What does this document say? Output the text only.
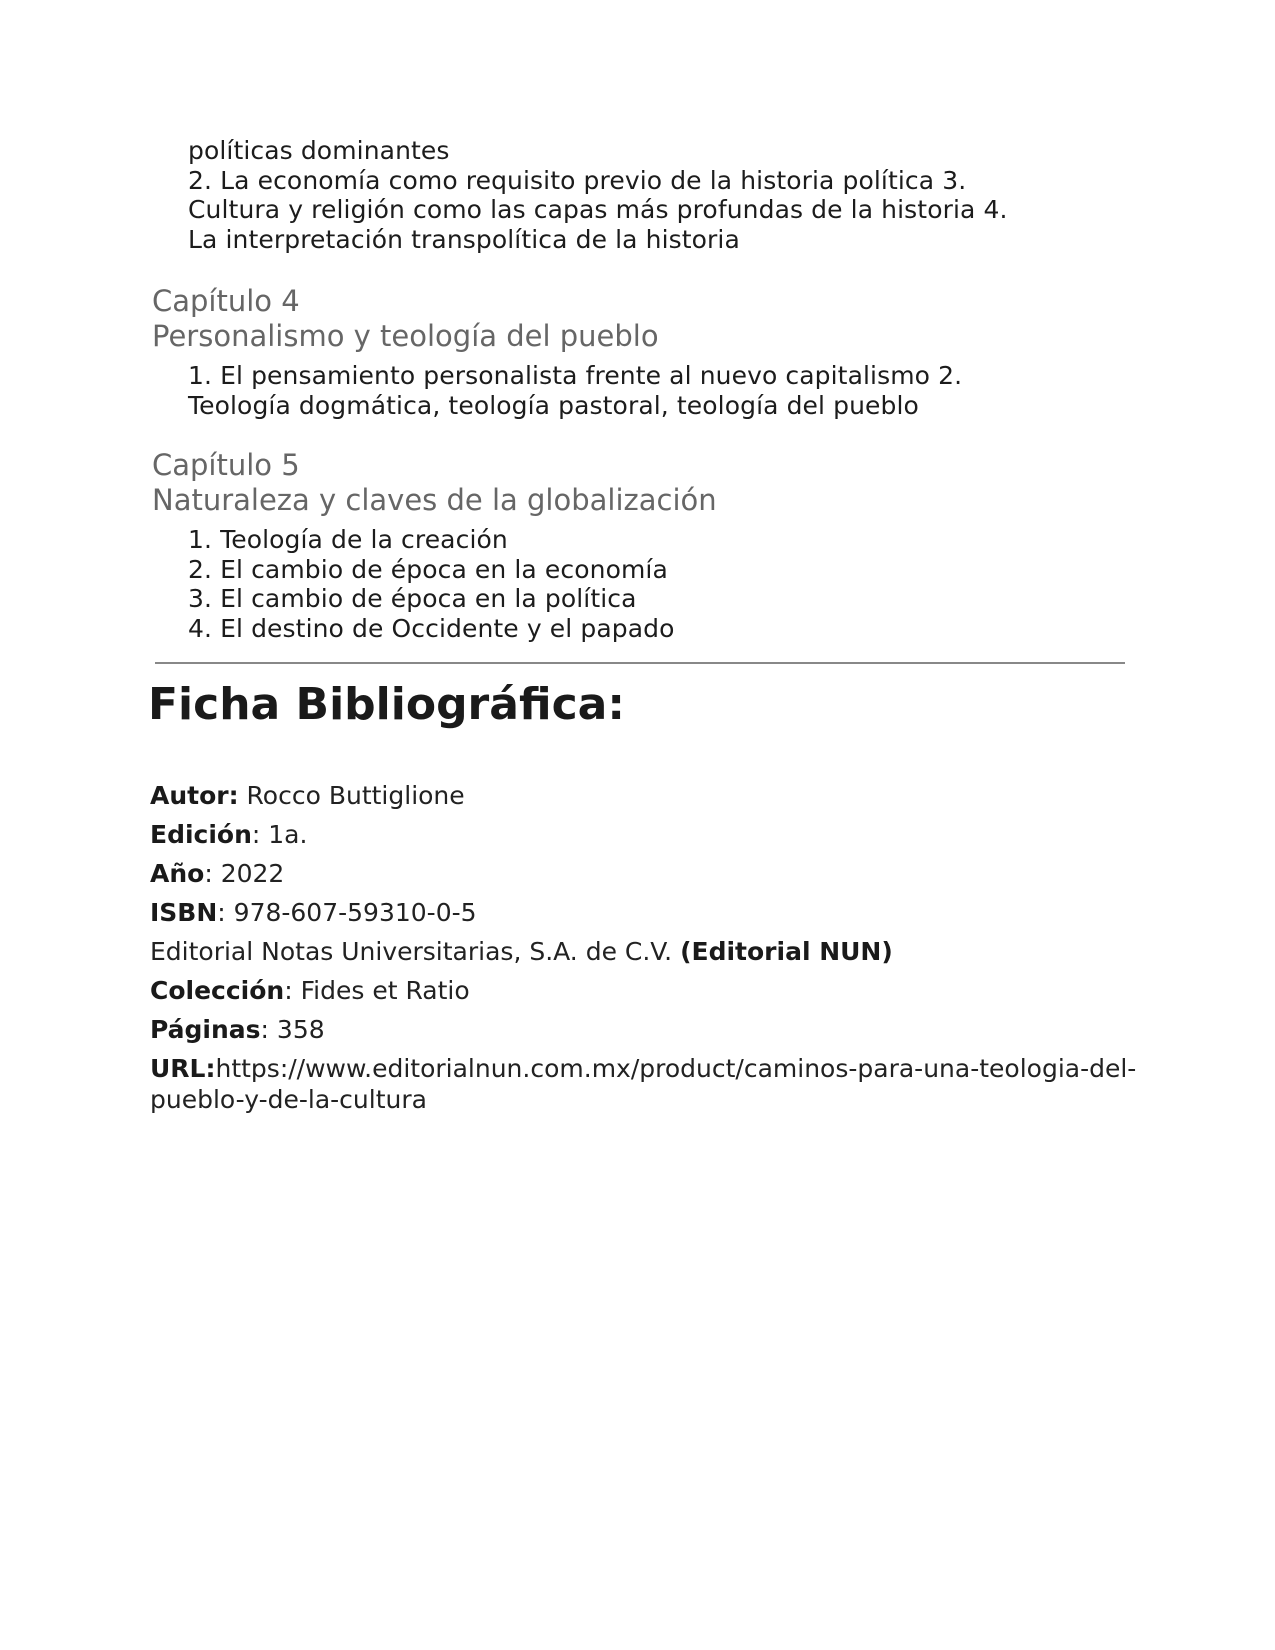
políticas dominantes
2. La economía como requisito previo de la historia política 3.
Cultura y religión como las capas más profundas de la historia 4.
La interpretación transpolítica de la historia

Capítulo 4
Personalismo y teología del pueblo

1. El pensamiento personalista frente al nuevo capitalismo 2.
Teología dogmática, teología pastoral, teología del pueblo

Capítulo 5
Naturaleza y claves de la globalización

1. Teología de la creación
2. El cambio de época en la economía
3. El cambio de época en la política
4. El destino de Occidente y el papado

Ficha Bibliográfica:

Autor: Rocco Buttiglione

Edición: 1a.

Año: 2022

ISBN: 978-607-59310-0-5

Editorial Notas Universitarias, S.A. de C.V. (Editorial NUN)

Colección: Fides et Ratio

Páginas: 358

URL:https://www.editorialnun.com.mx/product/caminos-para-una-teologia-del-pueblo-y-de-la-cultura
